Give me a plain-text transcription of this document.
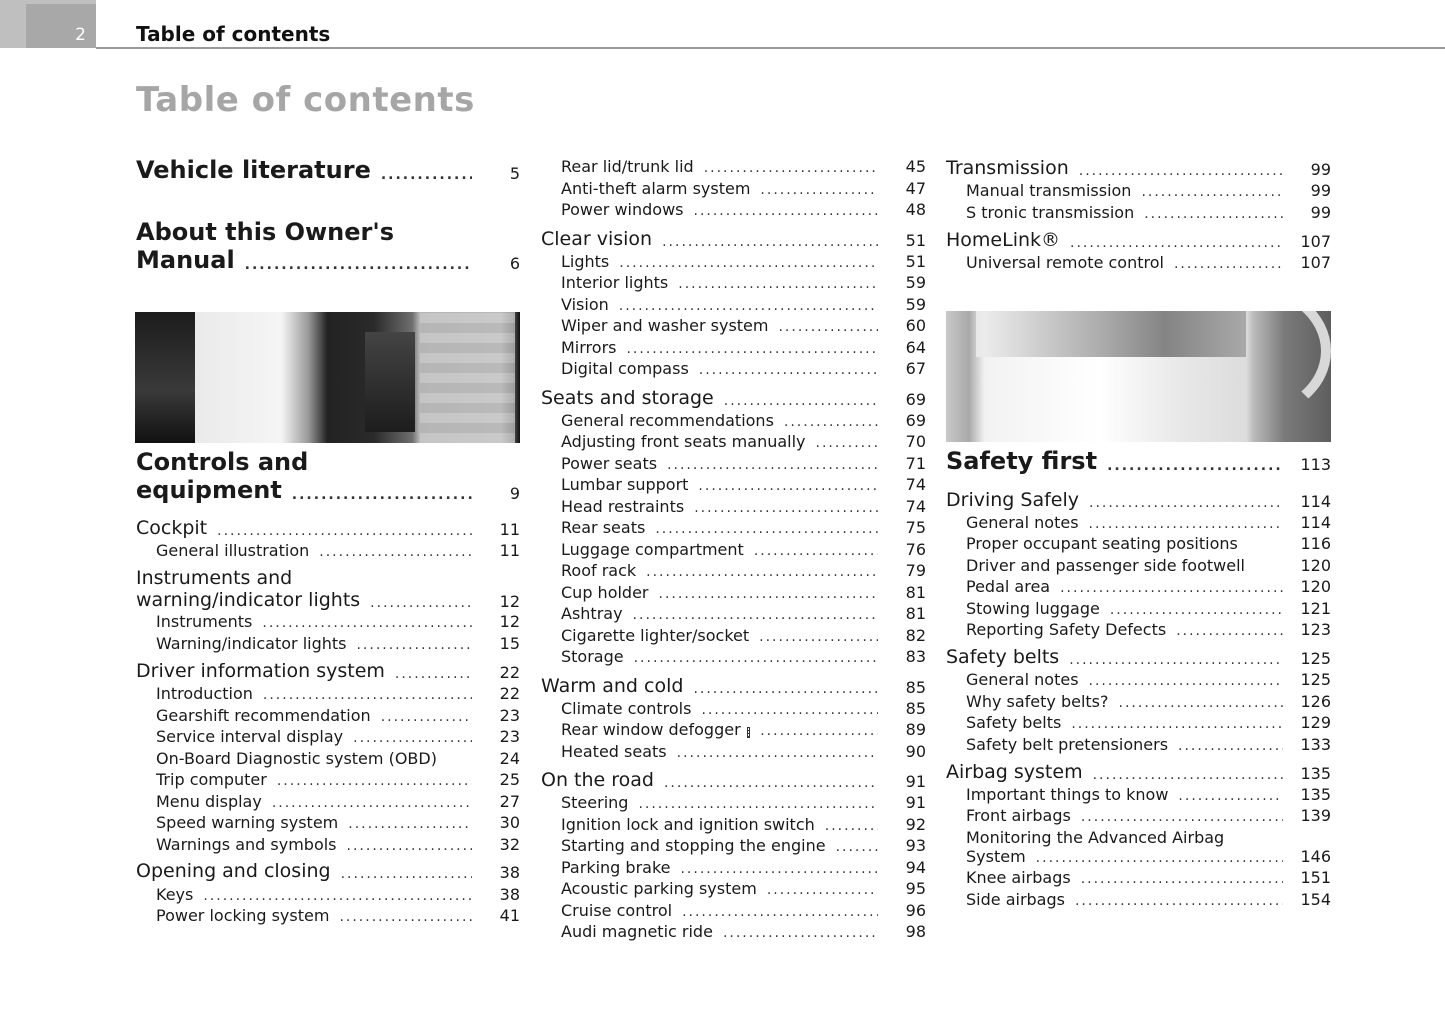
2	Table of contents
Table of contents
Vehicle literature .....	5
About this Owner's
Manual .....	6
Controls and
equipment .....	9
Cockpit .....	11
General illustration .....	11
Instruments and
warning/indicator lights .....	12
Instruments .....	12
Warning/indicator lights .....	15
Driver information system .....	22
Introduction .....	22
Gearshift recommendation .....	23
Service interval display .....	23
On-Board Diagnostic system (OBD)	24
Trip computer .....	25
Menu display .....	27
Speed warning system .....	30
Warnings and symbols .....	32
Opening and closing .....	38
Keys .....	38
Power locking system .....	41
Rear lid/trunk lid .....	45
Anti-theft alarm system .....	47
Power windows .....	48
Clear vision .....	51
Lights .....	51
Interior lights .....	59
Vision .....	59
Wiper and washer system .....	60
Mirrors .....	64
Digital compass .....	67
Seats and storage .....	69
General recommendations .....	69
Adjusting front seats manually .....	70
Power seats .....	71
Lumbar support .....	74
Head restraints .....	74
Rear seats .....	75
Luggage compartment .....	76
Roof rack .....	79
Cup holder .....	81
Ashtray .....	81
Cigarette lighter/socket .....	82
Storage .....	83
Warm and cold .....	85
Climate controls .....	85
Rear window defogger .....	89
Heated seats .....	90
On the road .....	91
Steering .....	91
Ignition lock and ignition switch .....	92
Starting and stopping the engine .....	93
Parking brake .....	94
Acoustic parking system .....	95
Cruise control .....	96
Audi magnetic ride .....	98
Transmission .....	99
Manual transmission .....	99
S tronic transmission .....	99
HomeLink® .....	107
Universal remote control .....	107
Safety first .....	113
Driving Safely .....	114
General notes .....	114
Proper occupant seating positions	116
Driver and passenger side footwell	120
Pedal area .....	120
Stowing luggage .....	121
Reporting Safety Defects .....	123
Safety belts .....	125
General notes .....	125
Why safety belts? .....	126
Safety belts .....	129
Safety belt pretensioners .....	133
Airbag system .....	135
Important things to know .....	135
Front airbags .....	139
Monitoring the Advanced Airbag
System .....	146
Knee airbags .....	151
Side airbags .....	154
